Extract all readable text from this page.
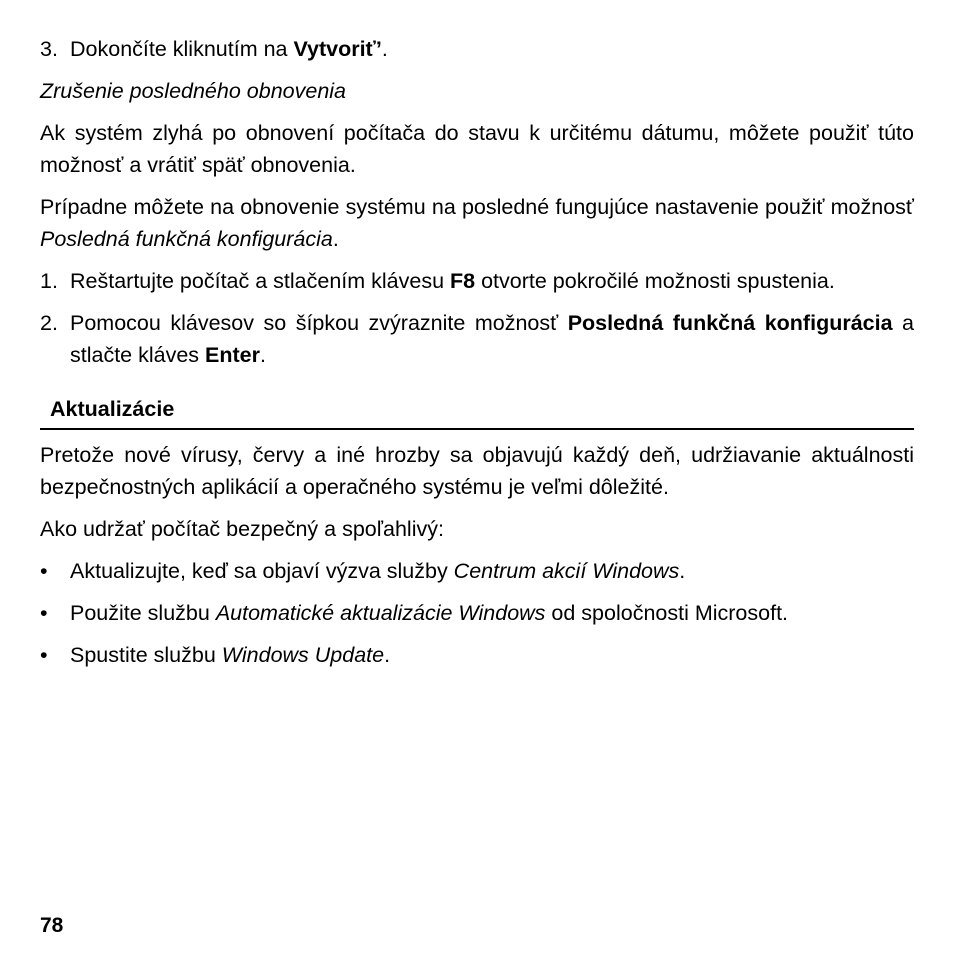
3. Dokončíte kliknutím na Vytvoriť’.

Zrušenie posledného obnovenia

Ak systém zlyhá po obnovení počítača do stavu k určitému dátumu, môžete použiť túto možnosť a vrátiť späť obnovenia.

Prípadne môžete na obnovenie systému na posledné fungujúce nastavenie použiť možnosť Posledná funkčná konfigurácia.

1. Reštartujte počítač a stlačením klávesu F8 otvorte pokročilé možnosti spustenia.
2. Pomocou klávesov so šípkou zvýraznite možnosť Posledná funkčná konfigurácia a stlačte kláves Enter.
Aktualizácie

Pretože nové vírusy, červy a iné hrozby sa objavujú každý deň, udržiavanie aktuálnosti bezpečnostných aplikácií a operačného systému je veľmi dôležité.

Ako udržať počítač bezpečný a spoľahlivý:

•	Aktualizujte, keď sa objaví výzva služby Centrum akcií Windows.
•	Použite službu Automatické aktualizácie Windows od spoločnosti Microsoft.
•	Spustite službu Windows Update.
78
